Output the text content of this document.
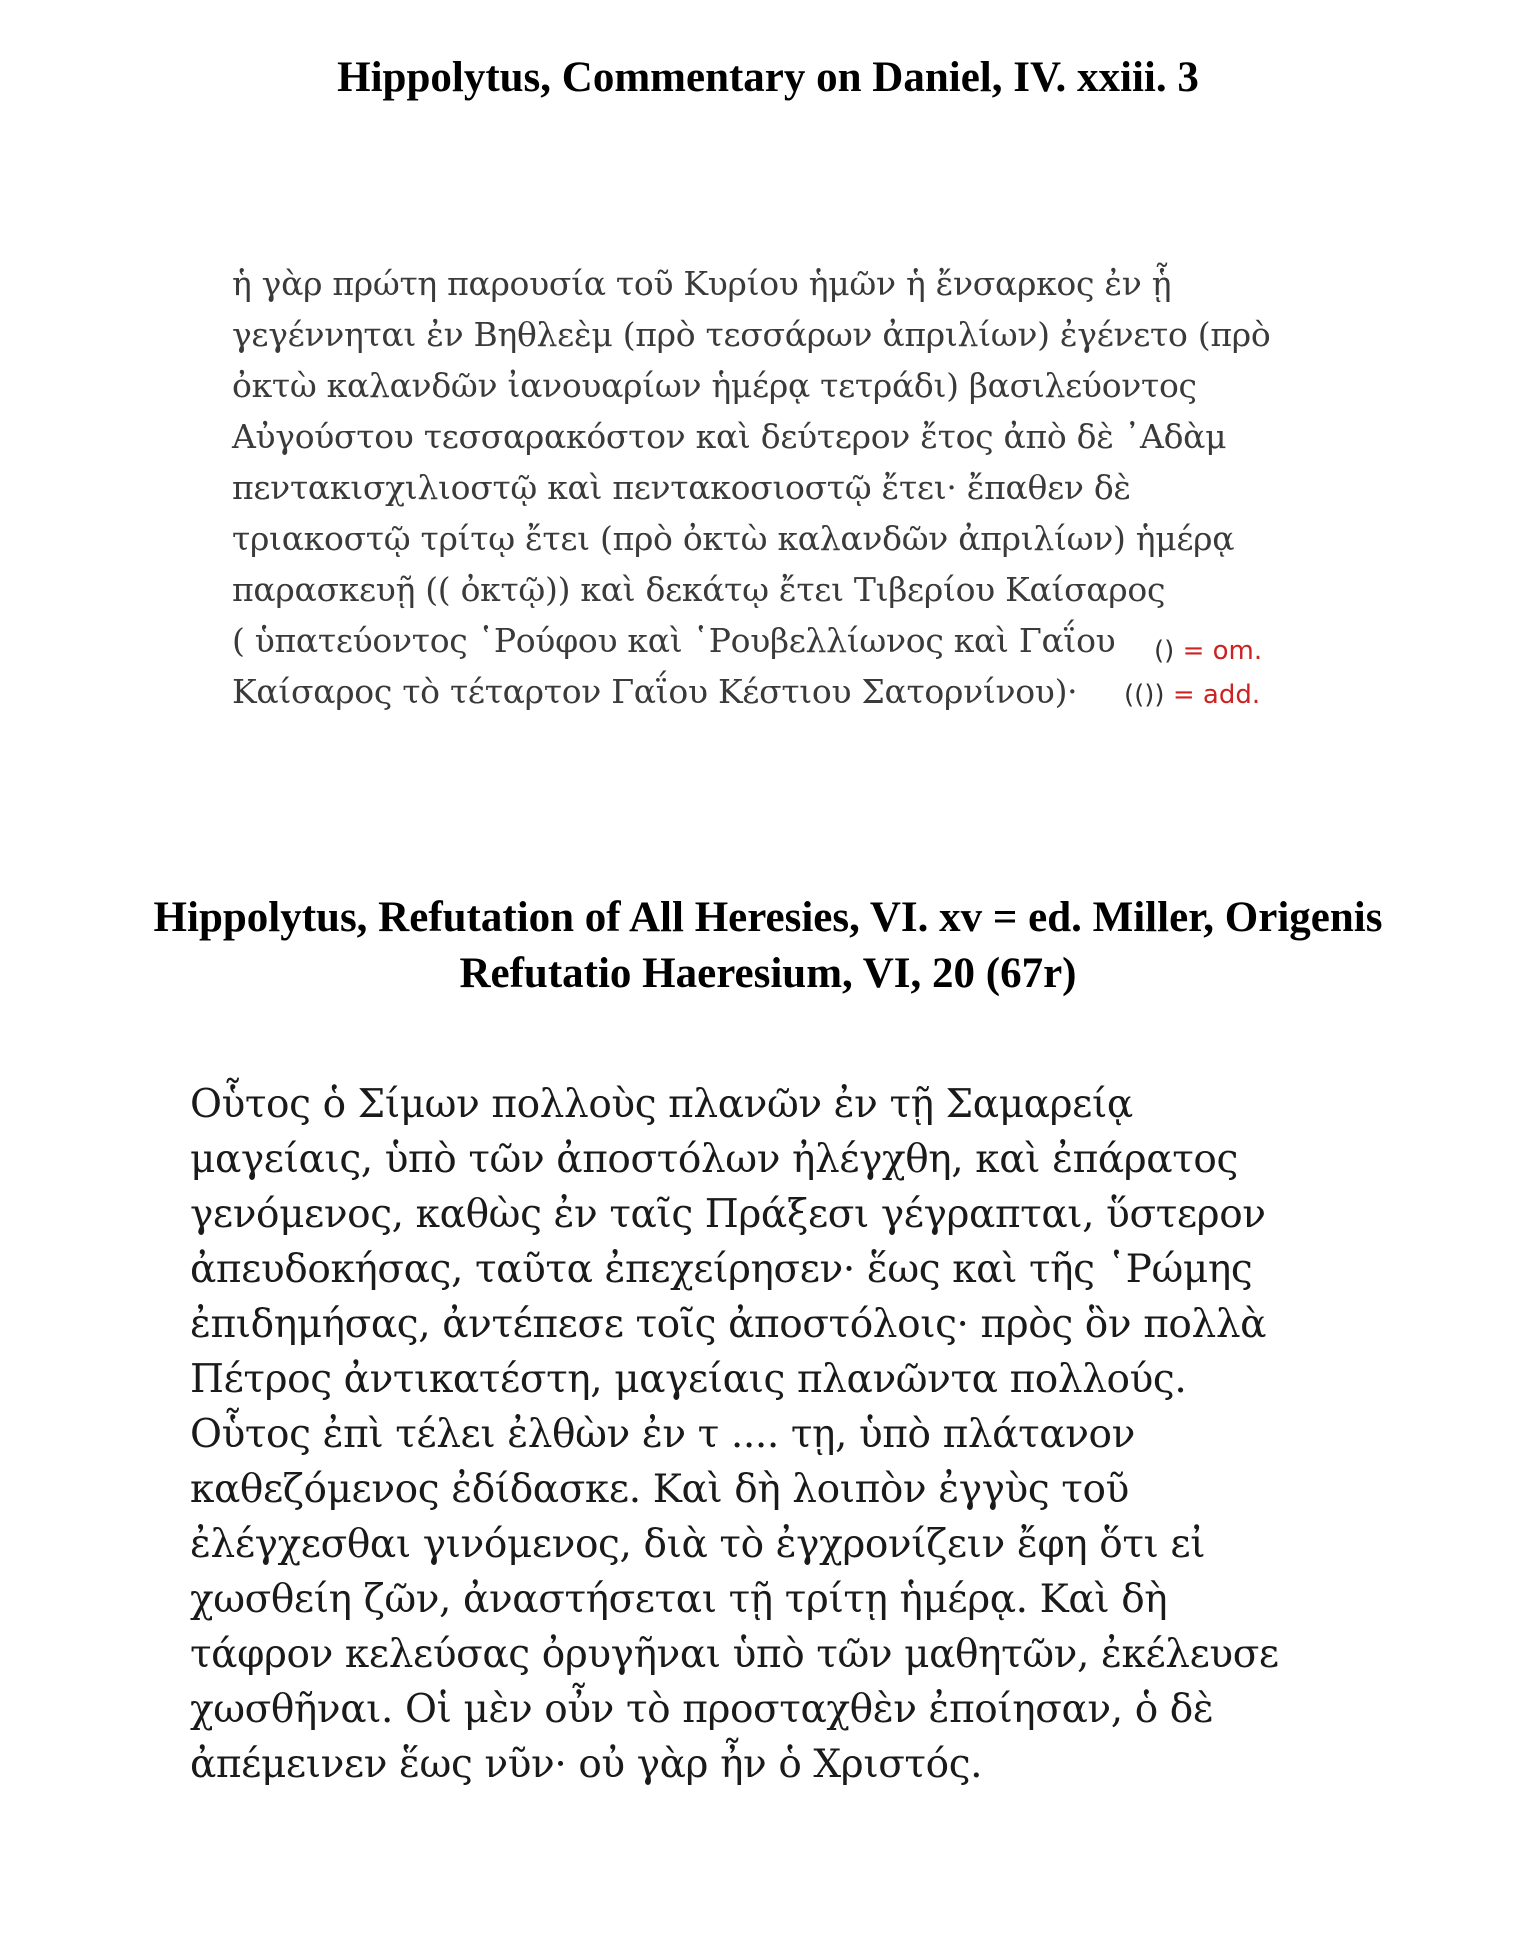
Hippolytus, Commentary on Daniel, IV. xxiii. 3
ἡ γὰρ πρώτη παρουσία τοῦ Κυρίου ἡμῶν ἡ ἔνσαρκος ἐν ᾗ
γεγέννηται ἐν Βηθλεὲμ (πρὸ τεσσάρων ἀπριλίων) ἐγένετο (πρὸ
ὀκτὼ καλανδῶν ἰανουαρίων ἡμέρᾳ τετράδι) βασιλεύοντος
Αὐγούστου τεσσαρακόστον καὶ δεύτερον ἔτος ἀπὸ δὲ ᾿Αδὰμ
πεντακισχιλιοστῷ καὶ πεντακοσιοστῷ ἔτει· ἔπαθεν δὲ
τριακοστῷ τρίτῳ ἔτει (πρὸ ὀκτὼ καλανδῶν ἀπριλίων) ἡμέρᾳ
παρασκευῇ (( ὀκτῷ)) καὶ δεκάτῳ ἔτει Τιβερίου Καίσαρος
( ὑπατεύοντος ῾Ρούφου καὶ ῾Ρουβελλίωνος καὶ Γαΐου
Καίσαρος τὸ τέταρτον Γαΐου Κέστιου Σατορνίνου)·
() = om.
(()) = add.
Hippolytus, Refutation of All Heresies, VI. xv = ed. Miller, Origenis
Refutatio Haeresium, VI, 20 (67r)
Οὗτος ὁ Σίμων πολλοὺς πλανῶν ἐν τῇ Σαμαρείᾳ
μαγείαις, ὑπὸ τῶν ἀποστόλων ἠλέγχθη, καὶ ἐπάρατος
γενόμενος, καθὼς ἐν ταῖς Πράξεσι γέγραπται, ὕστερον
ἀπευδοκήσας, ταῦτα ἐπεχείρησεν· ἕως καὶ τῆς ῾Ρώμης
ἐπιδημήσας, ἀντέπεσε τοῖς ἀποστόλοις· πρὸς ὃν πολλὰ
Πέτρος ἀντικατέστη, μαγείαις πλανῶντα πολλούς.
Οὗτος ἐπὶ τέλει ἐλθὼν ἐν τ .... τῃ, ὑπὸ πλάτανον
καθεζόμενος ἐδίδασκε. Καὶ δὴ λοιπὸν ἐγγὺς τοῦ
ἐλέγχεσθαι γινόμενος, διὰ τὸ ἐγχρονίζειν ἔφη ὅτι εἰ
χωσθείη ζῶν, ἀναστήσεται τῇ τρίτῃ ἡμέρᾳ. Καὶ δὴ
τάφρον κελεύσας ὀρυγῆναι ὑπὸ τῶν μαθητῶν, ἐκέλευσε
χωσθῆναι. Οἱ μὲν οὖν τὸ προσταχθὲν ἐποίησαν, ὁ δὲ
ἀπέμεινεν ἕως νῦν· οὐ γὰρ ἦν ὁ Χριστός.
